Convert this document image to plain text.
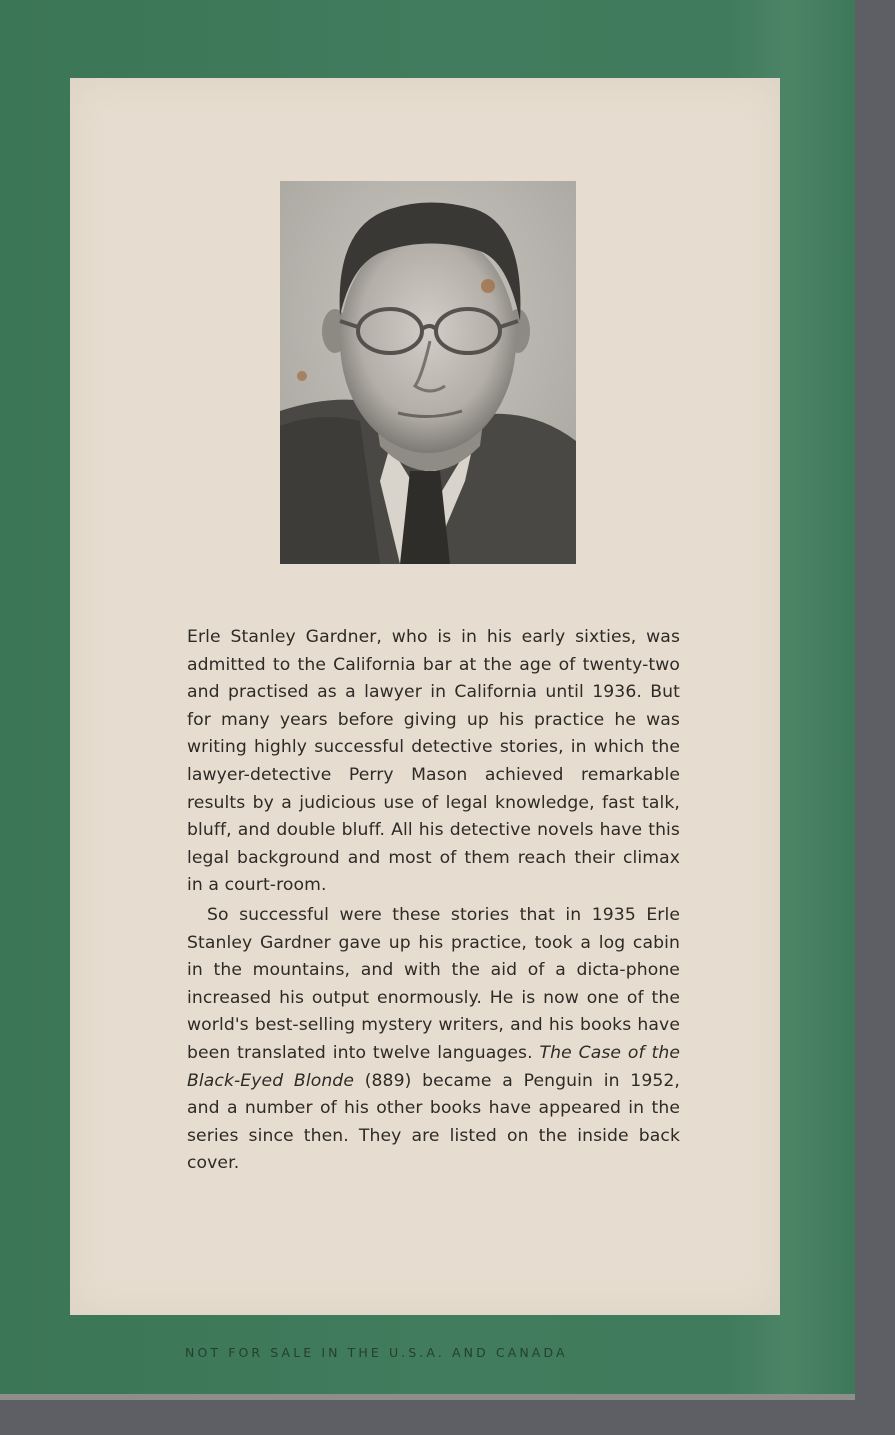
Erle Stanley Gardner, who is in his early sixties, was admitted to the California bar at the age of twenty-two and practised as a lawyer in California until 1936. But for many years before giving up his practice he was writing highly successful detective stories, in which the lawyer-detective Perry Mason achieved remarkable results by a judicious use of legal knowledge, fast talk, bluff, and double bluff. All his detective novels have this legal background and most of them reach their climax in a court-room.

So successful were these stories that in 1935 Erle Stanley Gardner gave up his practice, took a log cabin in the mountains, and with the aid of a dicta-phone increased his output enormously. He is now one of the world's best-selling mystery writers, and his books have been translated into twelve languages. The Case of the Black-Eyed Blonde (889) became a Penguin in 1952, and a number of his other books have appeared in the series since then. They are listed on the inside back cover.

NOT FOR SALE IN THE U.S.A. AND CANADA
